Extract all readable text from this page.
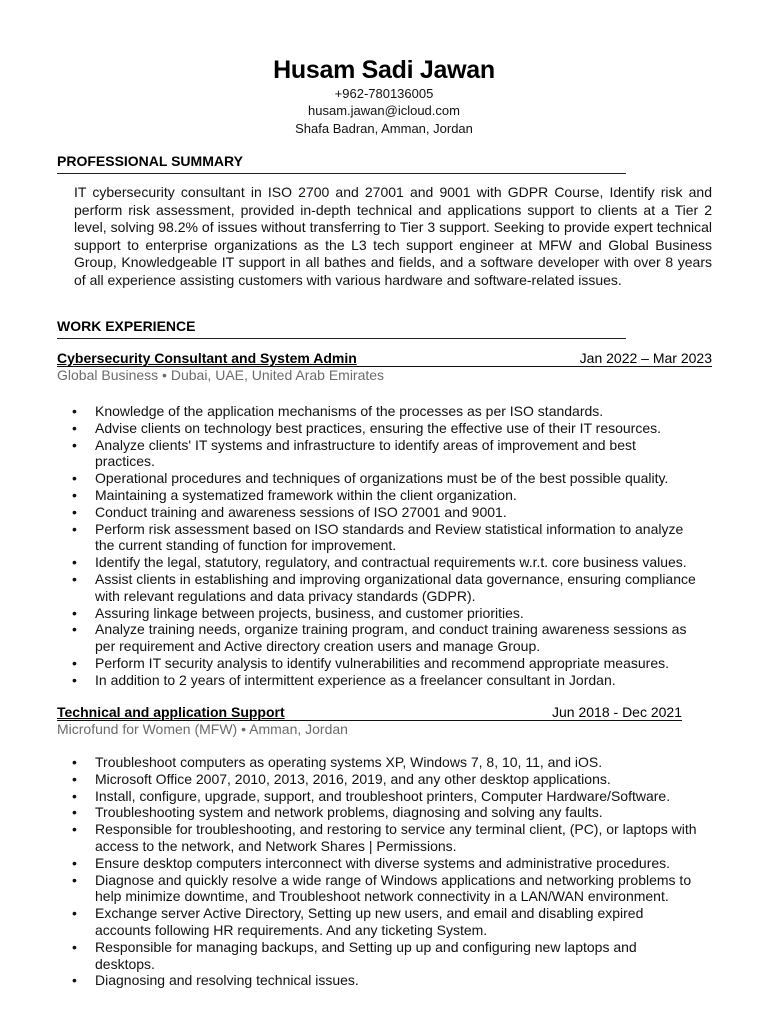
Husam Sadi Jawan
+962-780136005
husam.jawan@icloud.com
Shafa Badran, Amman, Jordan
PROFESSIONAL SUMMARY
IT cybersecurity consultant in ISO 2700 and 27001 and 9001 with GDPR Course, Identify risk and perform risk assessment, provided in-depth technical and applications support to clients at a Tier 2 level, solving 98.2% of issues without transferring to Tier 3 support. Seeking to provide expert technical support to enterprise organizations as the L3 tech support engineer at MFW and Global Business Group, Knowledgeable IT support in all bathes and fields, and a software developer with over 8 years of all experience assisting customers with various hardware and software-related issues.
WORK EXPERIENCE
Cybersecurity Consultant and System Admin	Jan 2022 – Mar 2023
Global Business • Dubai, UAE, United Arab Emirates
• Knowledge of the application mechanisms of the processes as per ISO standards.
• Advise clients on technology best practices, ensuring the effective use of their IT resources.
• Analyze clients' IT systems and infrastructure to identify areas of improvement and best practices.
• Operational procedures and techniques of organizations must be of the best possible quality.
• Maintaining a systematized framework within the client organization.
• Conduct training and awareness sessions of ISO 27001 and 9001.
• Perform risk assessment based on ISO standards and Review statistical information to analyze the current standing of function for improvement.
• Identify the legal, statutory, regulatory, and contractual requirements w.r.t. core business values.
• Assist clients in establishing and improving organizational data governance, ensuring compliance with relevant regulations and data privacy standards (GDPR).
• Assuring linkage between projects, business, and customer priorities.
• Analyze training needs, organize training program, and conduct training awareness sessions as per requirement and Active directory creation users and manage Group.
• Perform IT security analysis to identify vulnerabilities and recommend appropriate measures.
• In addition to 2 years of intermittent experience as a freelancer consultant in Jordan.
Technical and application Support	Jun 2018 - Dec 2021
Microfund for Women (MFW) • Amman, Jordan
• Troubleshoot computers as operating systems XP, Windows 7, 8, 10, 11, and iOS.
• Microsoft Office 2007, 2010, 2013, 2016, 2019, and any other desktop applications.
• Install, configure, upgrade, support, and troubleshoot printers, Computer Hardware/Software.
• Troubleshooting system and network problems, diagnosing and solving any faults.
• Responsible for troubleshooting, and restoring to service any terminal client, (PC), or laptops with access to the network, and Network Shares | Permissions.
• Ensure desktop computers interconnect with diverse systems and administrative procedures.
• Diagnose and quickly resolve a wide range of Windows applications and networking problems to help minimize downtime, and Troubleshoot network connectivity in a LAN/WAN environment.
• Exchange server Active Directory, Setting up new users, and email and disabling expired accounts following HR requirements. And any ticketing System.
• Responsible for managing backups, and Setting up up and configuring new laptops and desktops.
• Diagnosing and resolving technical issues.
